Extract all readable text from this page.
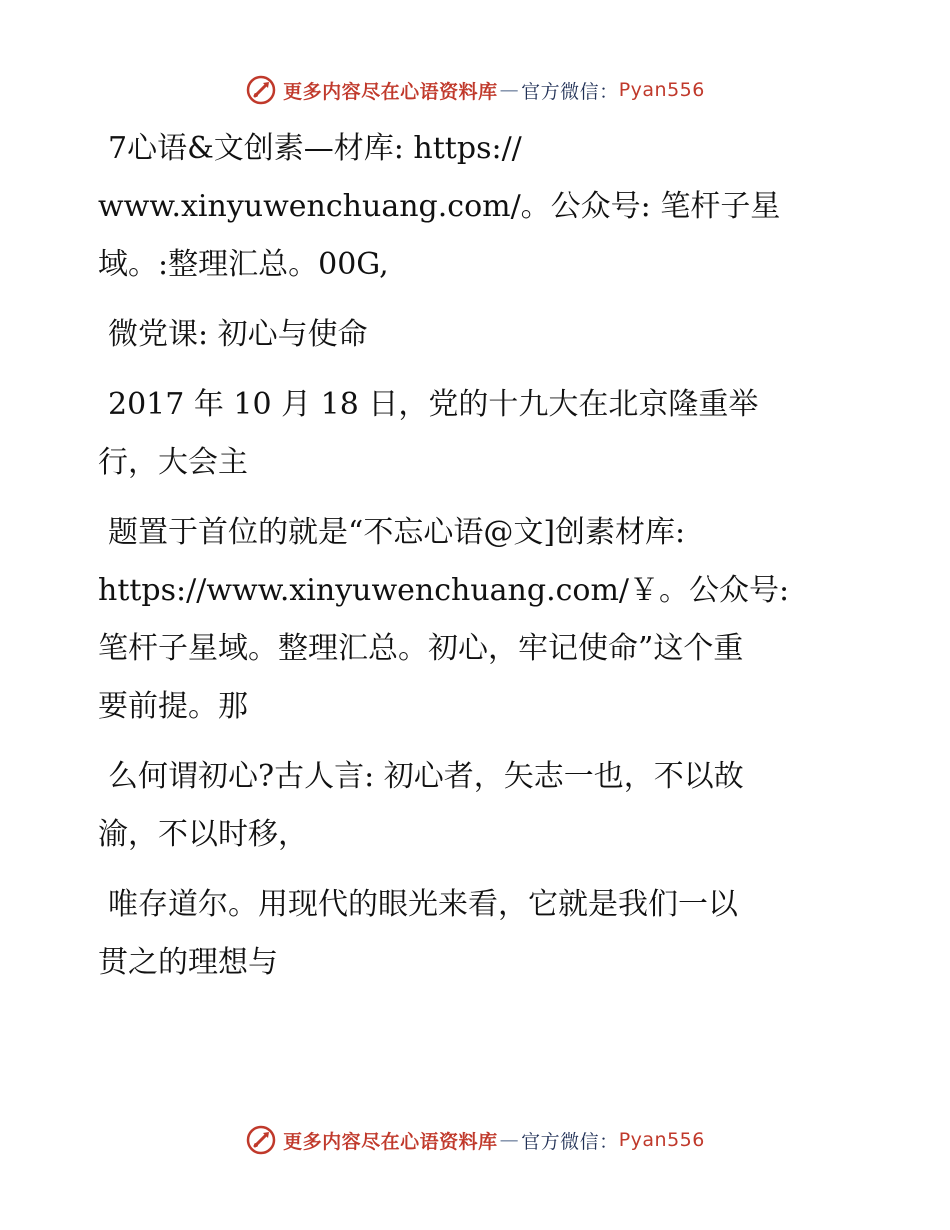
更多内容尽在心语资料库 — 官方微信： Pyan556
7心语&文创素—材库: https://
www.xinyuwenchuang.com/。公众号: 笔杆子星
域。:整理汇总。00G,
微党课: 初心与使命
2017 年 10 月 18 日，党的十九大在北京隆重举
行，大会主
题置于首位的就是“不忘心语@文]创素材库:
https://www.xinyuwenchuang.com/￥。公众号:
笔杆子星域。整理汇总。初心，牢记使命”这个重
要前提。那
么何谓初心?古人言: 初心者，矢志一也，不以故
渝，不以时移，
唯存道尔。用现代的眼光来看，它就是我们一以
贯之的理想与
更多内容尽在心语资料库 — 官方微信： Pyan556
